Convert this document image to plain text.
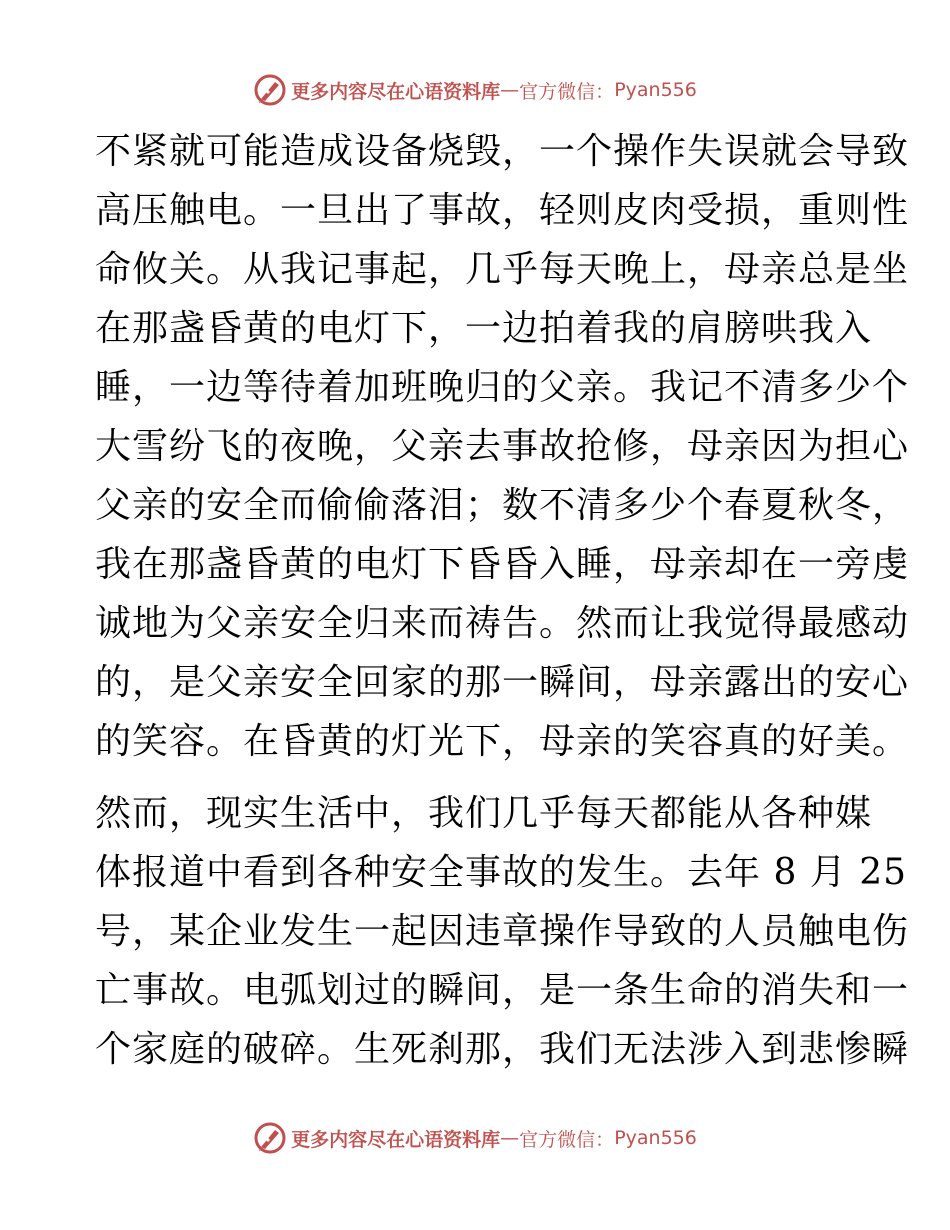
更多内容尽在心语资料库 — 官方微信： Pyan556
不紧就可能造成设备烧毁，一个操作失误就会导致
高压触电。一旦出了事故，轻则皮肉受损，重则性
命攸关。从我记事起，几乎每天晚上，母亲总是坐
在那盏昏黄的电灯下，一边拍着我的肩膀哄我入
睡，一边等待着加班晚归的父亲。我记不清多少个
大雪纷飞的夜晚，父亲去事故抢修，母亲因为担心
父亲的安全而偷偷落泪；数不清多少个春夏秋冬，
我在那盏昏黄的电灯下昏昏入睡，母亲却在一旁虔
诚地为父亲安全归来而祷告。然而让我觉得最感动
的，是父亲安全回家的那一瞬间，母亲露出的安心
的笑容。在昏黄的灯光下，母亲的笑容真的好美。
然而，现实生活中，我们几乎每天都能从各种媒
体报道中看到各种安全事故的发生。去年 8 月 25
号，某企业发生一起因违章操作导致的人员触电伤
亡事故。电弧划过的瞬间，是一条生命的消失和一
个家庭的破碎。生死刹那，我们无法涉入到悲惨瞬
更多内容尽在心语资料库 — 官方微信： Pyan556
